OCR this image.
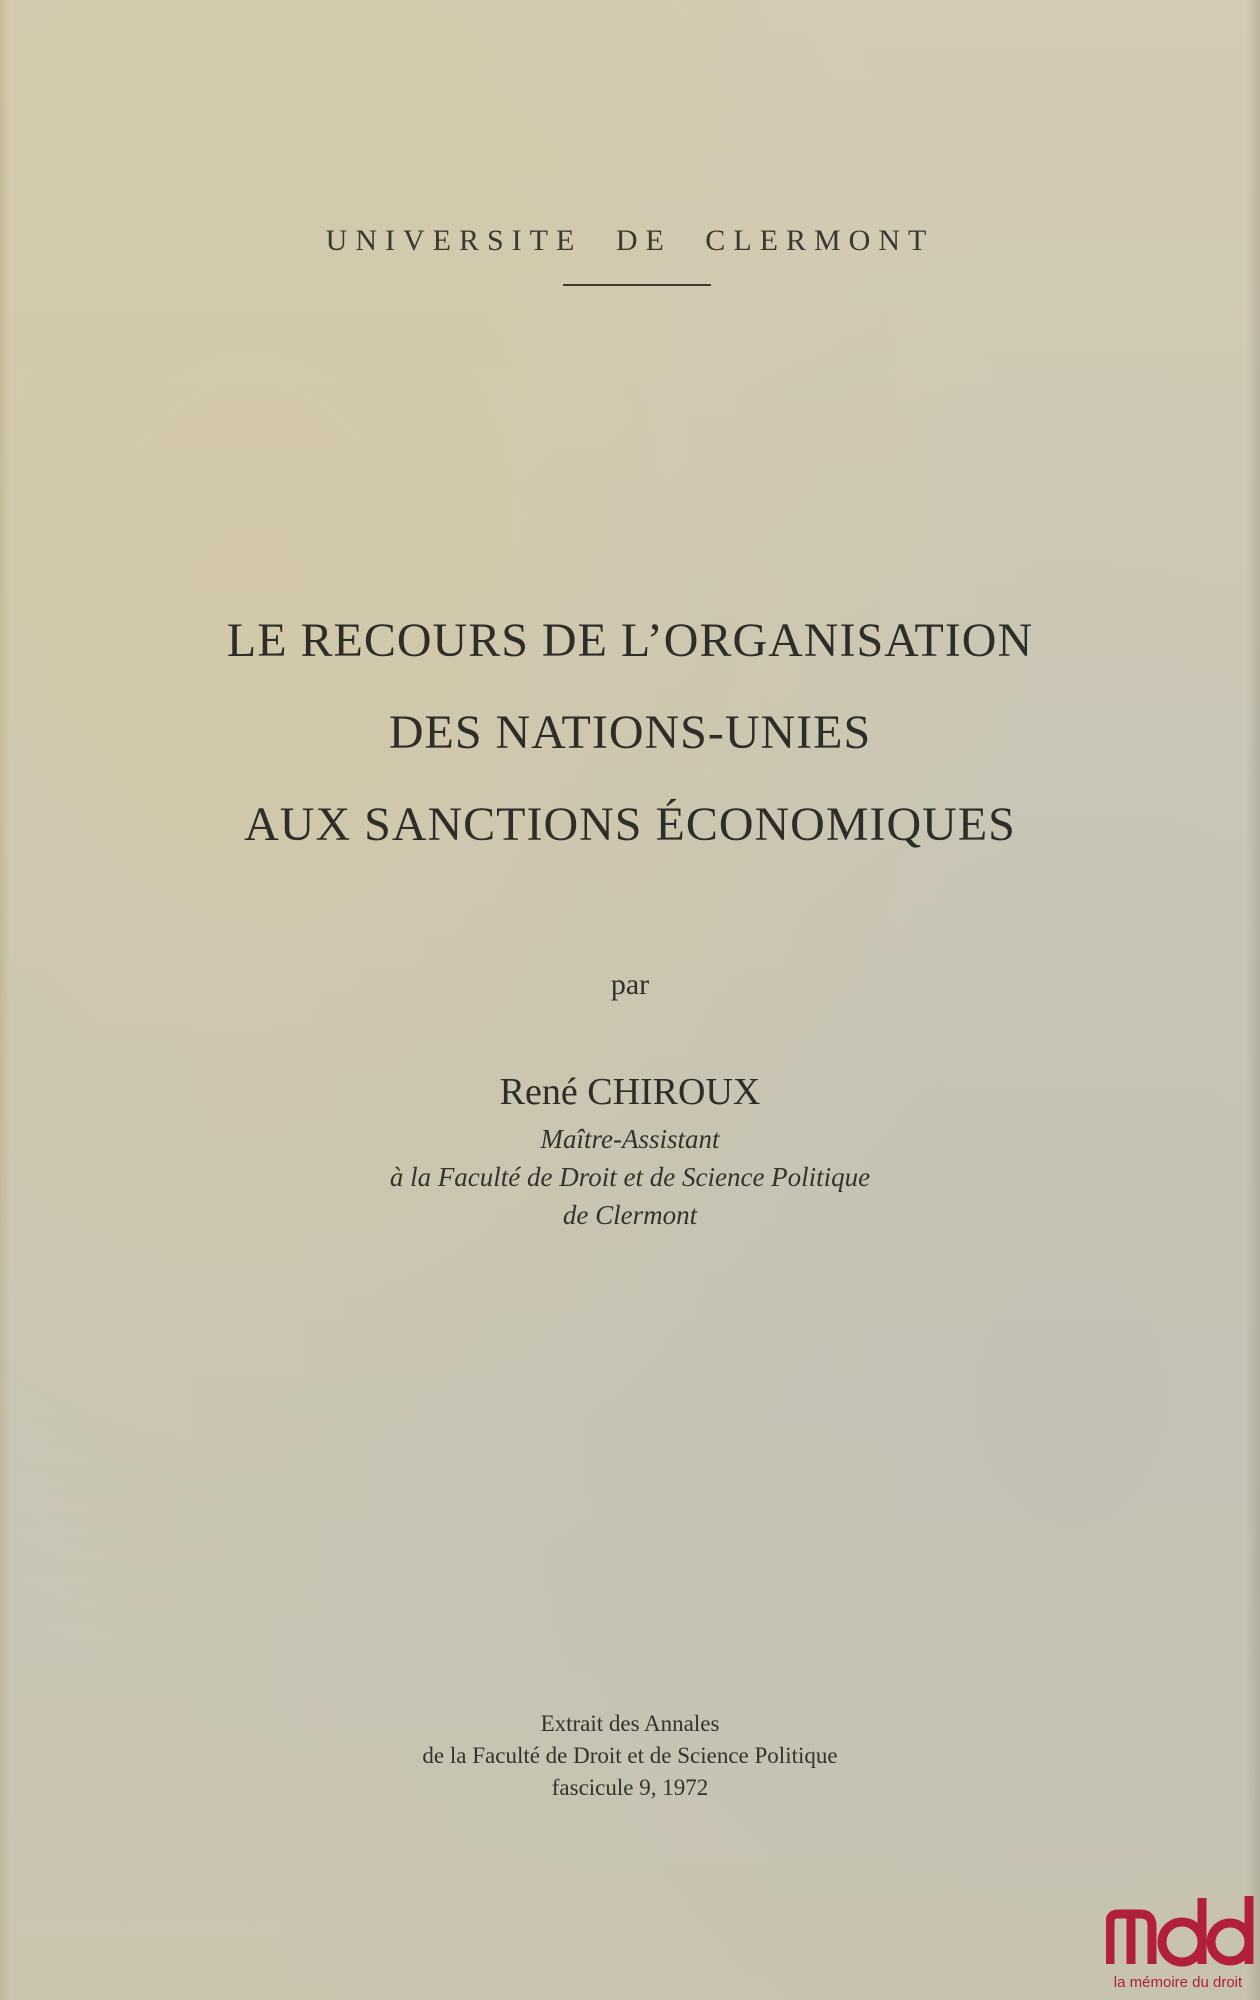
UNIVERSITE DE CLERMONT
LE RECOURS DE L’ORGANISATION
DES NATIONS-UNIES
AUX SANCTIONS ÉCONOMIQUES
par
René CHIROUX
Maître-Assistant
à la Faculté de Droit et de Science Politique
de Clermont
Extrait des Annales
de la Faculté de Droit et de Science Politique
fascicule 9, 1972
la mémoire du droit
